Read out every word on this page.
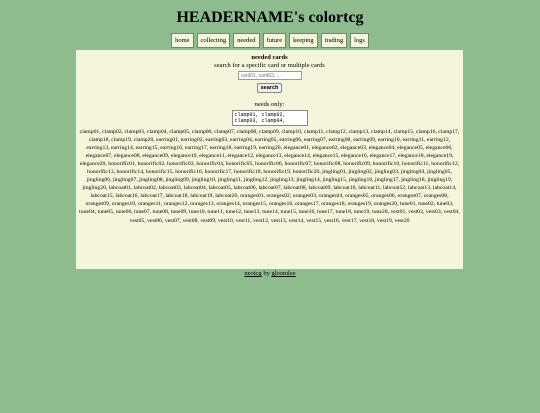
HEADERNAME's colortcg
home	collecting	needed	future	keeping	trading	logs
needed cards
search for a specific card or multiple cards
card01, card02, ...
search
needs only:
clamp01, clamp02,
clamp03, clamp04,
clamp01, clamp02, clamp03, clamp04, clamp05, clamp06, clamp07, clamp08, clamp09, clamp10, clamp11, clamp12, clamp13, clamp14, clamp15, clamp16, clamp17, clamp18, clamp19, clamp20, earring01, earring02, earring03, earring04, earring05, earring06, earring07, earring08, earring09, earring10, earring11, earring12, earring13, earring14, earring15, earring16, earring17, earring18, earring19, earring20, elegance01, elegance02, elegance03, elegance04, elegance05, elegance06, elegance07, elegance08, elegance09, elegance10, elegance11, elegance12, elegance13, elegance14, elegance15, elegance16, elegance17, elegance18, elegance19, elegance20, honorific01, honorific02, honorific03, honorific04, honorific05, honorific06, honorific07, honorific08, honorific09, honorific10, honorific11, honorific12, honorific13, honorific14, honorific15, honorific16, honorific17, honorific18, honorific19, honorific20, jingling01, jingling02, jingling03, jingling04, jingling05, jingling06, jingling07, jingling08, jingling09, jingling10, jingling11, jingling12, jingling13, jingling14, jingling15, jingling16, jingling17, jingling18, jingling19, jingling20, labcoat01, labcoat02, labcoat03, labcoat04, labcoat05, labcoat06, labcoat07, labcoat08, labcoat09, labcoat10, labcoat11, labcoat12, labcoat13, labcoat14, labcoat15, labcoat16, labcoat17, labcoat18, labcoat19, labcoat20, oranges01, oranges02, oranges03, oranges04, oranges05, oranges06, oranges07, oranges08, oranges09, oranges10, oranges11, oranges12, oranges13, oranges14, oranges15, oranges16, oranges17, oranges18, oranges19, oranges20, tune01, tune02, tune03, tune04, tune05, tune06, tune07, tune08, tune09, tune10, tune11, tune12, tune13, tune14, tune15, tune16, tune17, tune18, tune19, tune20, vest01, vest02, vest03, vest04, vest05, vest06, vest07, vest08, vest09, vest10, vest11, vest12, vest13, vest14, vest15, vest16, vest17, vest18, vest19, vest20
neotcg by gloomlee
